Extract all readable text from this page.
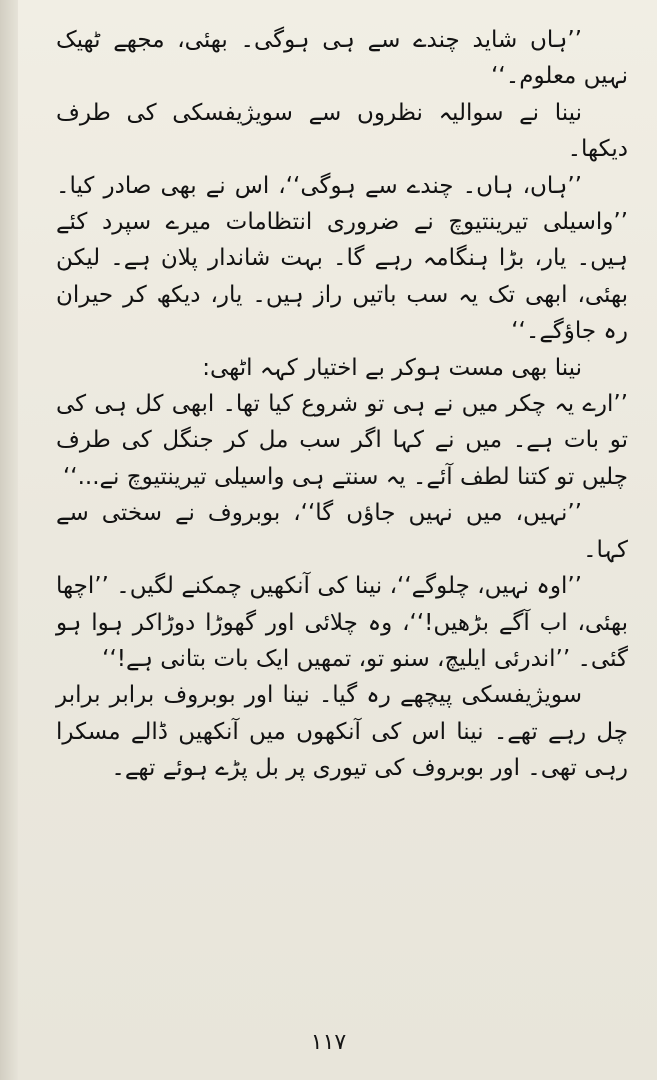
’’ہاں شاید چندے سے ہی ہوگی۔ بھئی، مجھے ٹھیک نہیں معلوم۔‘‘

نینا نے سوالیہ نظروں سے سویژیفسکی کی طرف دیکھا۔

’’ہاں، ہاں۔ چندے سے ہوگی‘‘، اس نے بھی صادر کیا۔ ’’واسیلی تیرینتیوچ نے ضروری انتظامات میرے سپرد کئے ہیں۔ یار، بڑا ہنگامہ رہے گا۔ بہت شاندار پلان ہے۔ لیکن بھئی، ابھی تک یہ سب باتیں راز ہیں۔ یار، دیکھ کر حیران رہ جاؤگے۔‘‘

نینا بھی مست ہوکر بے اختیار کہہ اٹھی:

’’ارے یہ چکر میں نے ہی تو شروع کیا تھا۔ ابھی کل ہی کی تو بات ہے۔ میں نے کہا اگر سب مل کر جنگل کی طرف چلیں تو کتنا لطف آئے۔ یہ سنتے ہی واسیلی تیرینتیوچ نے...‘‘

’’نہیں، میں نہیں جاؤں گا‘‘، بوبروف نے سختی سے کہا۔

’’اوہ نہیں، چلوگے‘‘، نینا کی آنکھیں چمکنے لگیں۔ ’’اچھا بھئی، اب آگے بڑھیں!‘‘، وہ چلائی اور گھوڑا دوڑاکر ہوا ہو گئی۔ ’’اندرئی ایلیچ، سنو تو، تمھیں ایک بات بتانی ہے!‘‘

سویژیفسکی پیچھے رہ گیا۔ نینا اور بوبروف برابر برابر چل رہے تھے۔ نینا اس کی آنکھوں میں آنکھیں ڈالے مسکرا رہی تھی۔ اور بوبروف کی تیوری پر بل پڑے ہوئے تھے۔

۱۱۷
